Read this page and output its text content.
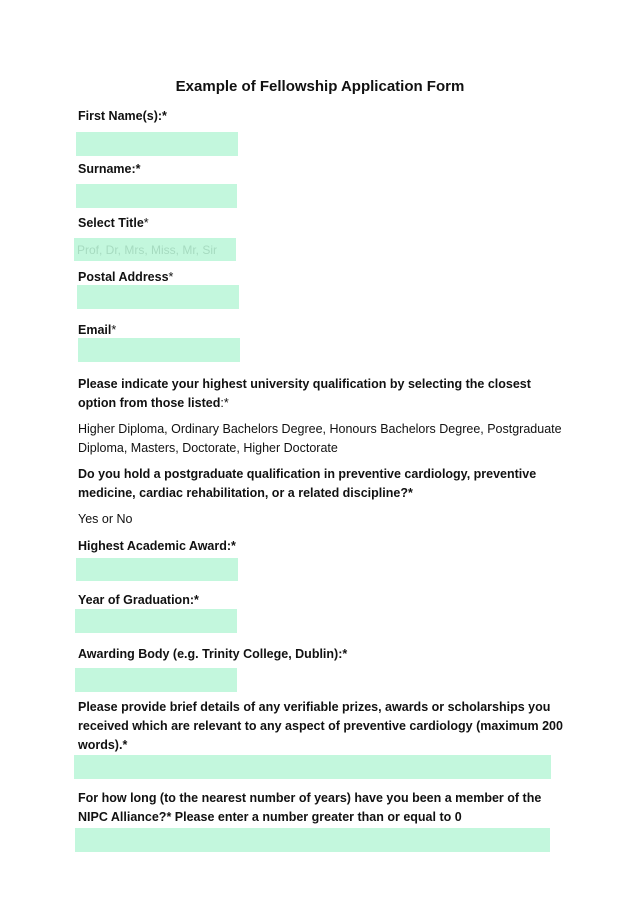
Example of Fellowship Application Form
First Name(s):*
Surname:*
Select Title*
Prof, Dr, Mrs, Miss, Mr, Sir
Postal Address*
Email*
Please indicate your highest university qualification by selecting the closest option from those listed:*
Higher Diploma, Ordinary Bachelors Degree, Honours Bachelors Degree, Postgraduate Diploma, Masters, Doctorate, Higher Doctorate
Do you hold a postgraduate qualification in preventive cardiology, preventive medicine, cardiac rehabilitation, or a related discipline?*
Yes or No
Highest Academic Award:*
Year of Graduation:*
Awarding Body (e.g. Trinity College, Dublin):*
Please provide brief details of any verifiable prizes, awards or scholarships you received which are relevant to any aspect of preventive cardiology (maximum 200 words).*
For how long (to the nearest number of years) have you been a member of the NIPC Alliance?* Please enter a number greater than or equal to 0
